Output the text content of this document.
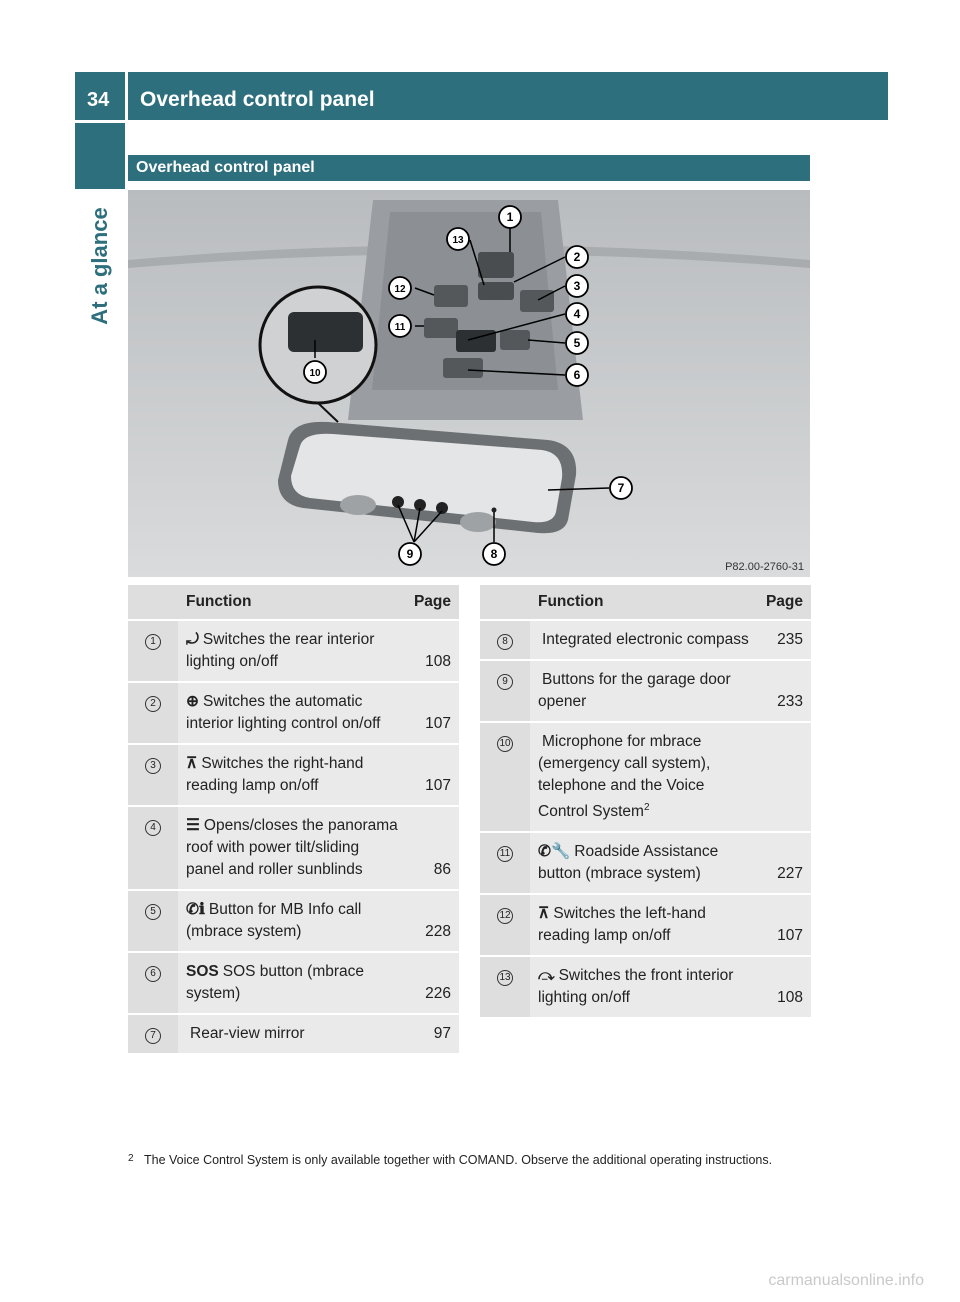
34	Overhead control panel
At a glance
Overhead control panel
1
2
3
4
5
6
7
8
9
10
11
12
13
P82.00-2760-31
	Function	Page
1	⤾ Switches the rear interior lighting on/off	108
2	⊕ Switches the automatic interior lighting control on/off	107
3	⊼ Switches the right-hand reading lamp on/off	107
4	☰ Opens/closes the panorama roof with power tilt/sliding panel and roller sunblinds	86
5	✆ℹ Button for MB Info call (mbrace system)	228
6	SOS SOS button (mbrace system)	226
7	Rear-view mirror	97
	Function	Page
8	Integrated electronic compass	235
9	Buttons for the garage door opener	233
10	Microphone for mbrace (emergency call system), telephone and the Voice Control System$^2$	
11	✆🔧 Roadside Assistance button (mbrace system)	227
12	⊼ Switches the left-hand reading lamp on/off	107
13	⤼ Switches the front interior lighting on/off	108
2 The Voice Control System is only available together with COMAND. Observe the additional operating instructions.
carmanualsonline.info
